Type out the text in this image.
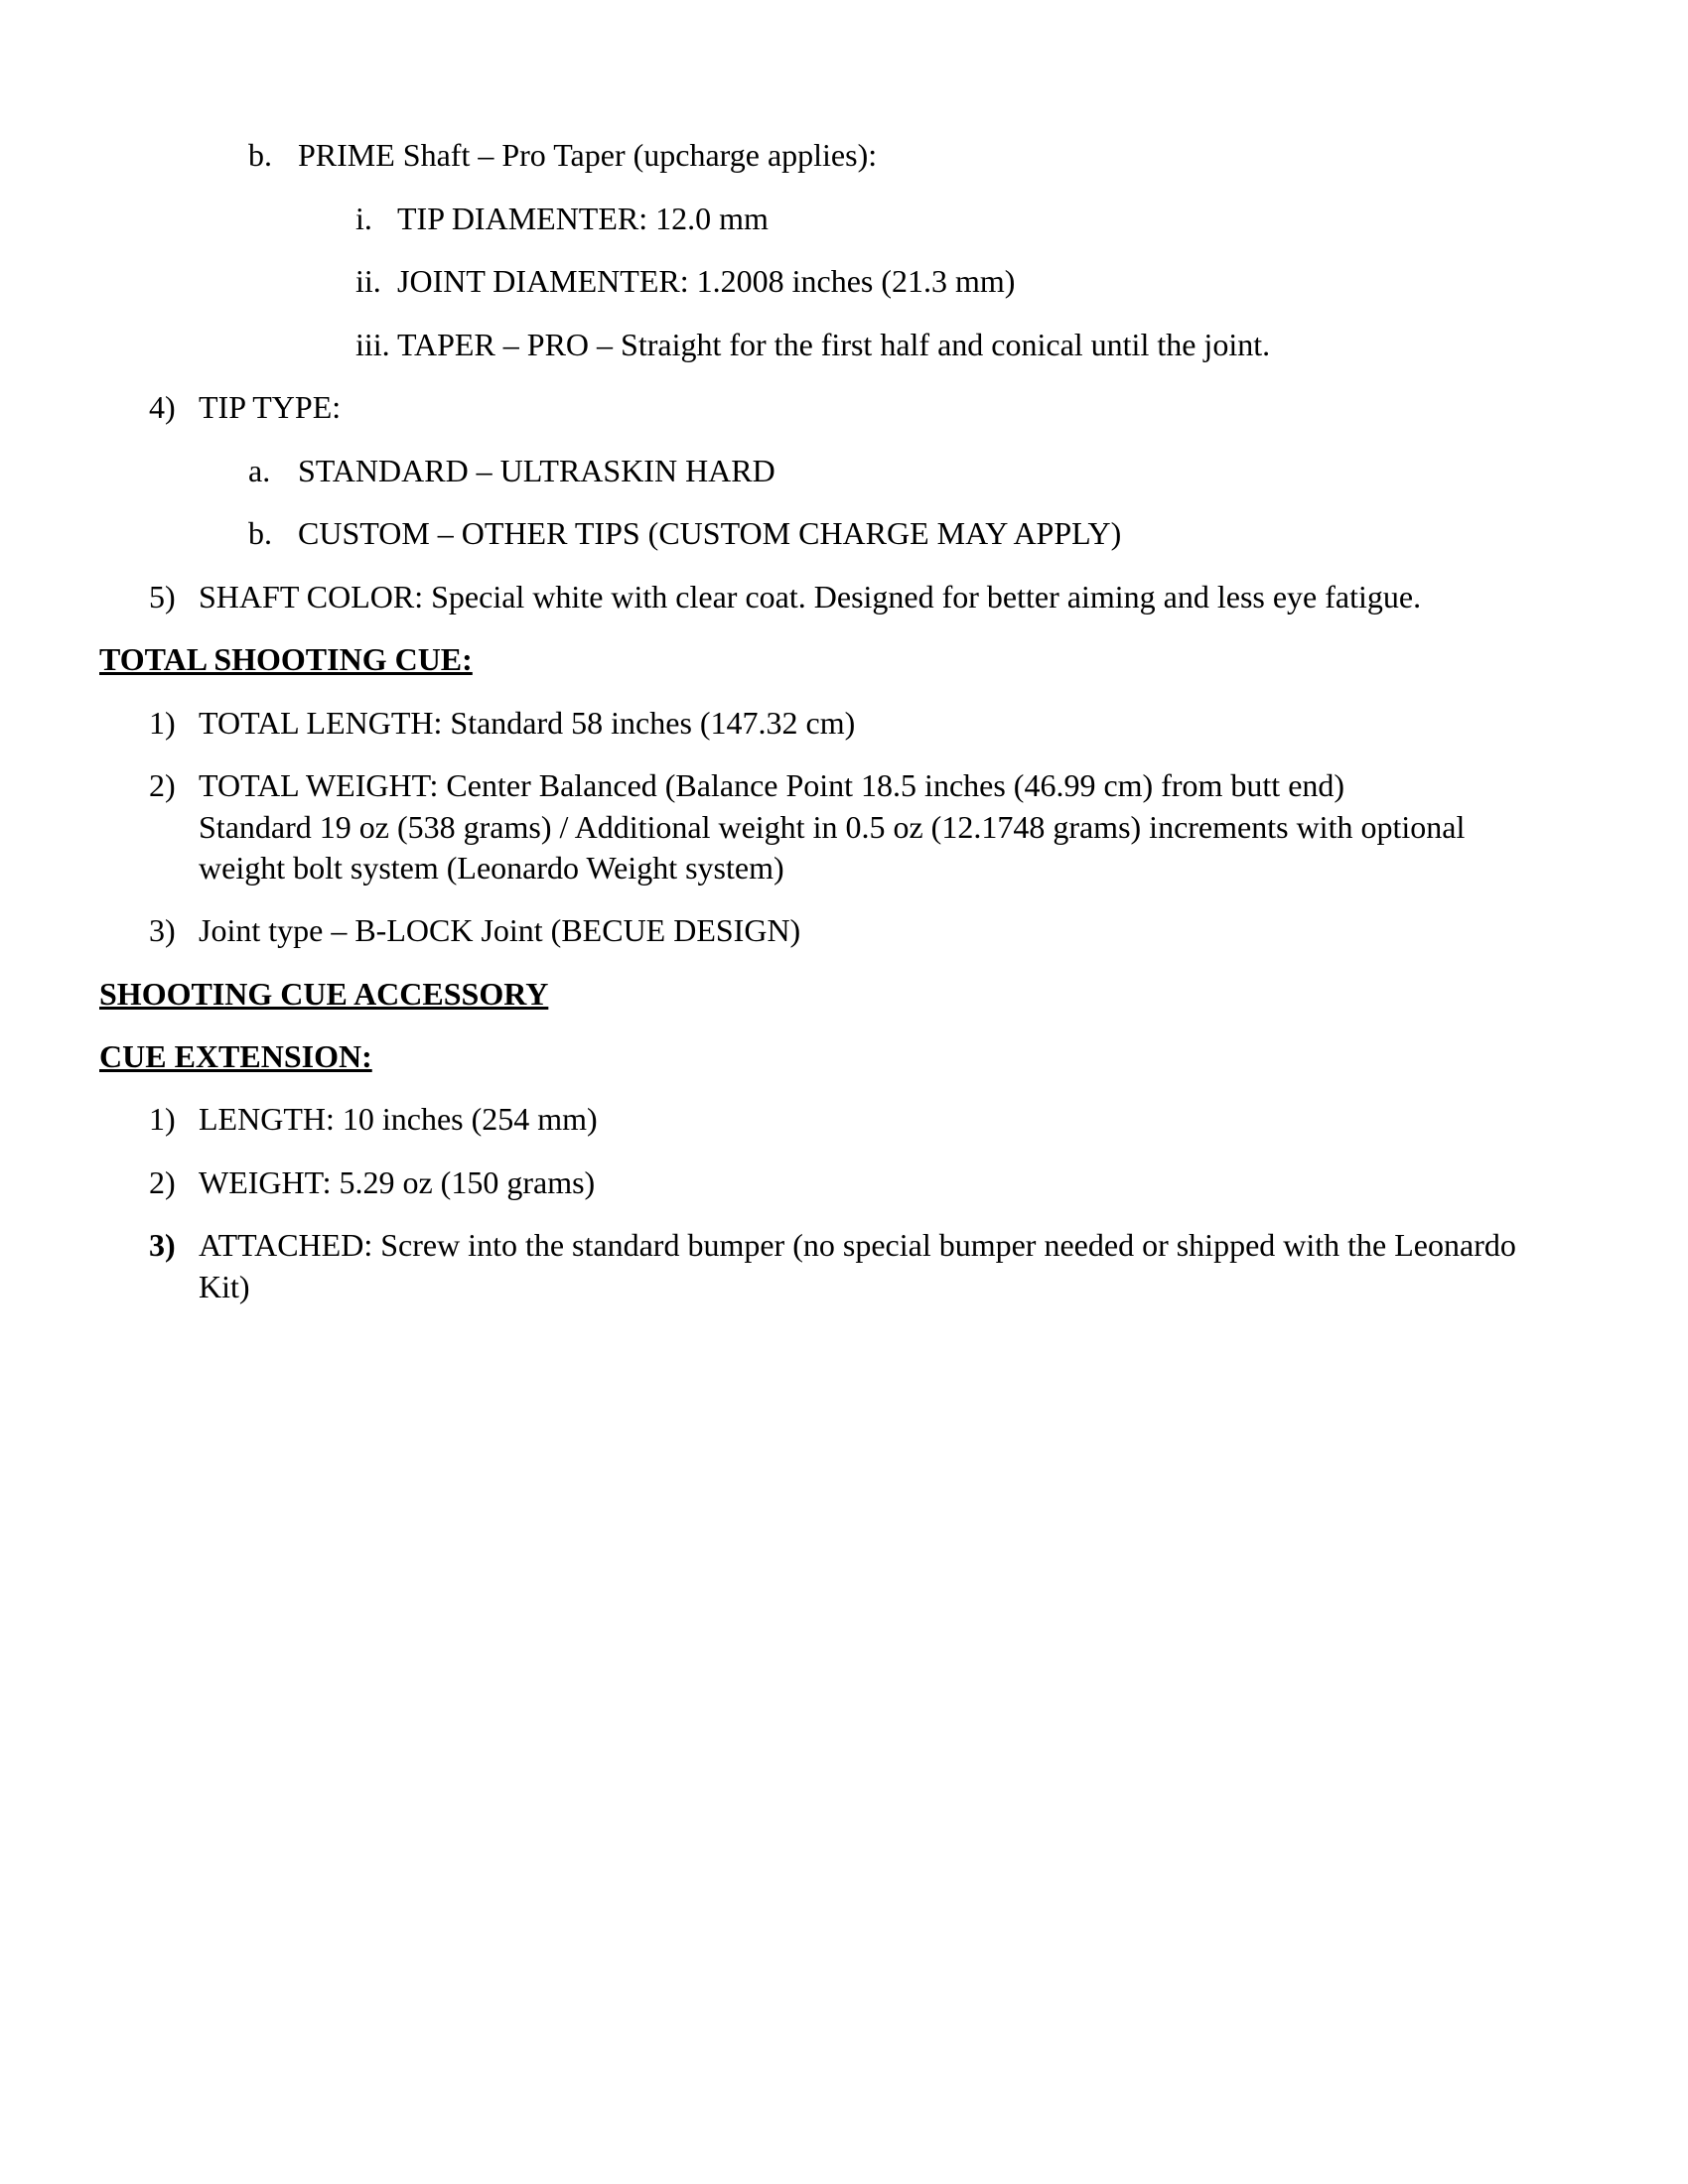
b. PRIME Shaft – Pro Taper (upcharge applies):
i. TIP DIAMENTER: 12.0 mm
ii. JOINT DIAMENTER: 1.2008 inches (21.3 mm)
iii. TAPER – PRO – Straight for the first half and conical until the joint.
4) TIP TYPE:
a. STANDARD – ULTRASKIN HARD
b. CUSTOM – OTHER TIPS (CUSTOM CHARGE MAY APPLY)
5) SHAFT COLOR: Special white with clear coat. Designed for better aiming and less eye fatigue.
TOTAL SHOOTING CUE:
1) TOTAL LENGTH: Standard 58 inches (147.32 cm)
2) TOTAL WEIGHT: Center Balanced (Balance Point 18.5 inches (46.99 cm) from butt end)
Standard 19 oz (538 grams) / Additional weight in 0.5 oz (12.1748 grams) increments with optional
weight bolt system (Leonardo Weight system)
3) Joint type – B-LOCK Joint (BECUE DESIGN)
SHOOTING CUE ACCESSORY
CUE EXTENSION:
1) LENGTH: 10 inches (254 mm)
2) WEIGHT: 5.29 oz (150 grams)
3) ATTACHED: Screw into the standard bumper (no special bumper needed or shipped with the Leonardo
Kit)
